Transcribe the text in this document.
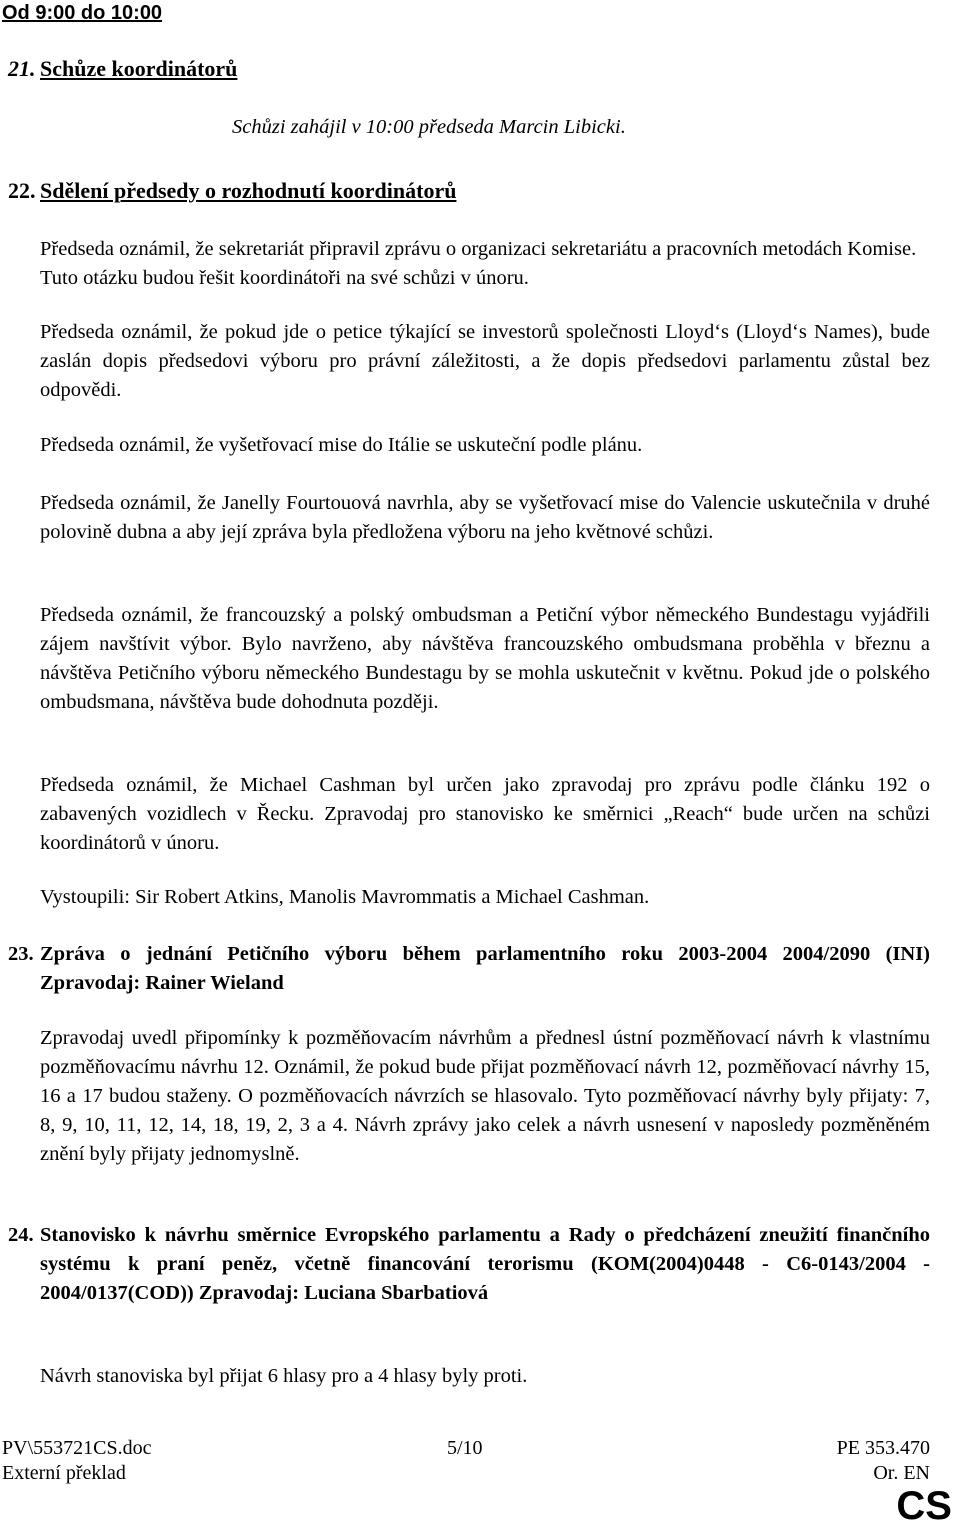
Od 9:00 do 10:00
21. Schůze koordinátorů
Schůzi zahájil v 10:00 předseda Marcin Libicki.
22. Sdělení předsedy o rozhodnutí koordinátorů
Předseda oznámil, že sekretariát připravil zprávu o organizaci sekretariátu a pracovních metodách Komise. Tuto otázku budou řešit koordinátoři na své schůzi v únoru.
Předseda oznámil, že pokud jde o petice týkající se investorů společnosti Lloyd‘s (Lloyd‘s Names), bude zaslán dopis předsedovi výboru pro právní záležitosti, a že dopis předsedovi parlamentu zůstal bez odpovědi.
Předseda oznámil, že vyšetřovací mise do Itálie se uskuteční podle plánu.
Předseda oznámil, že Janelly Fourtouová navrhla, aby se vyšetřovací mise do Valencie uskutečnila v druhé polovině dubna a aby její zpráva byla předložena výboru na jeho květnové schůzi.
Předseda oznámil, že francouzský a polský ombudsman a Petiční výbor německého Bundestagu vyjádřili zájem navštívit výbor. Bylo navrženo, aby návštěva francouzského ombudsmana proběhla v březnu a návštěva Petičního výboru německého Bundestagu by se mohla uskutečnit v květnu. Pokud jde o polského ombudsmana, návštěva bude dohodnuta později.
Předseda oznámil, že Michael Cashman byl určen jako zpravodaj pro zprávu podle článku 192 o zabavených vozidlech v Řecku. Zpravodaj pro stanovisko ke směrnici „Reach“ bude určen na schůzi koordinátorů v únoru.
Vystoupili: Sir Robert Atkins, Manolis Mavrommatis a Michael Cashman.
23. Zpráva o jednání Petičního výboru během parlamentního roku 2003-2004 2004/2090 (INI) Zpravodaj: Rainer Wieland
Zpravodaj uvedl připomínky k pozměňovacím návrhům a přednesl ústní pozměňovací návrh k vlastnímu pozměňovacímu návrhu 12. Oznámil, že pokud bude přijat pozměňovací návrh 12, pozměňovací návrhy 15, 16 a 17 budou staženy. O pozměňovacích návrzích se hlasovalo. Tyto pozměňovací návrhy byly přijaty: 7, 8, 9, 10, 11, 12, 14, 18, 19, 2, 3 a 4. Návrh zprávy jako celek a návrh usnesení v naposledy pozměněném znění byly přijaty jednomyslně.
24. Stanovisko k návrhu směrnice Evropského parlamentu a Rady o předcházení zneužití finančního systému k praní peněz, včetně financování terorismu (KOM(2004)0448 - C6-0143/2004 - 2004/0137(COD)) Zpravodaj: Luciana Sbarbatiová
Návrh stanoviska byl přijat 6 hlasy pro a 4 hlasy byly proti.
PV\553721CS.doc	5/10	PE 353.470
Externí překlad	Or. EN
CS
